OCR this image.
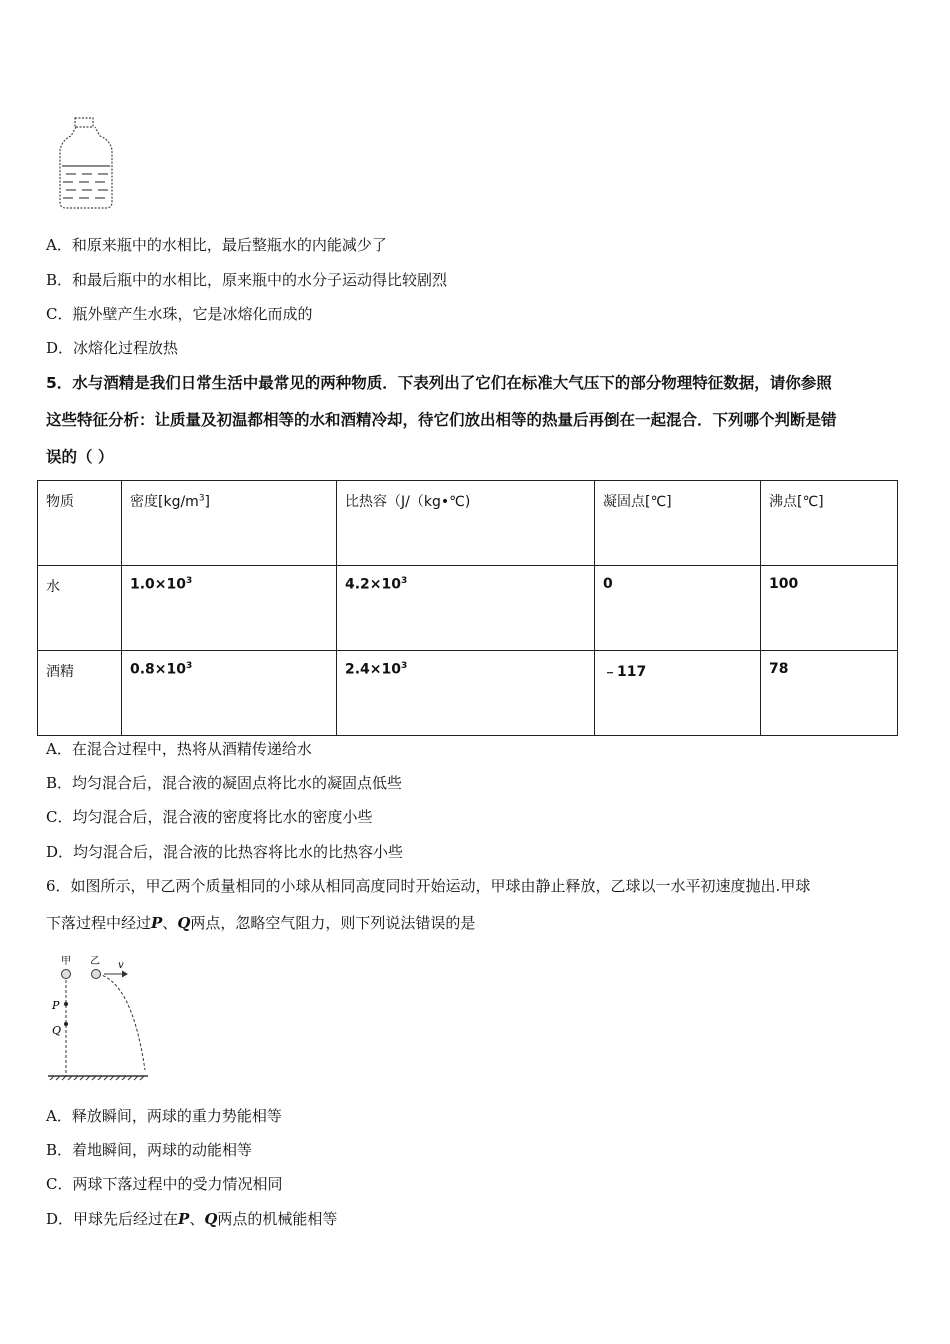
A．和原来瓶中的水相比，最后整瓶水的内能减少了
B．和最后瓶中的水相比，原来瓶中的水分子运动得比较剧烈
C．瓶外壁产生水珠，它是冰熔化而成的
D．冰熔化过程放热
5．水与酒精是我们日常生活中最常见的两种物质．下表列出了它们在标准大气压下的部分物理特征数据，请你参照
这些特征分析：让质量及初温都相等的水和酒精冷却，待它们放出相等的热量后再倒在一起混合．下列哪个判断是错
误的（ ）
物质	密度$[kg/m^3]$	比热容（J/（kg•℃)	凝固点[℃]	沸点[℃]
水	$1.0\times 10^3$	$4.2\times 10^3$	0	100
酒精	$0.8\times 10^3$	$2.4\times 10^3$	﹣117	78
A．在混合过程中，热将从酒精传递给水
B．均匀混合后，混合液的凝固点将比水的凝固点低些
C．均匀混合后，混合液的密度将比水的密度小些
D．均匀混合后，混合液的比热容将比水的比热容小些
6．如图所示，甲乙两个质量相同的小球从相同高度同时开始运动，甲球由静止释放，乙球以一水平初速度抛出.甲球
下落过程中经过P、Q两点，忽略空气阻力，则下列说法错误的是
甲 乙 v
P
Q
A．释放瞬间，两球的重力势能相等
B．着地瞬间，两球的动能相等
C．两球下落过程中的受力情况相同
D．甲球先后经过在P、Q两点的机械能相等
